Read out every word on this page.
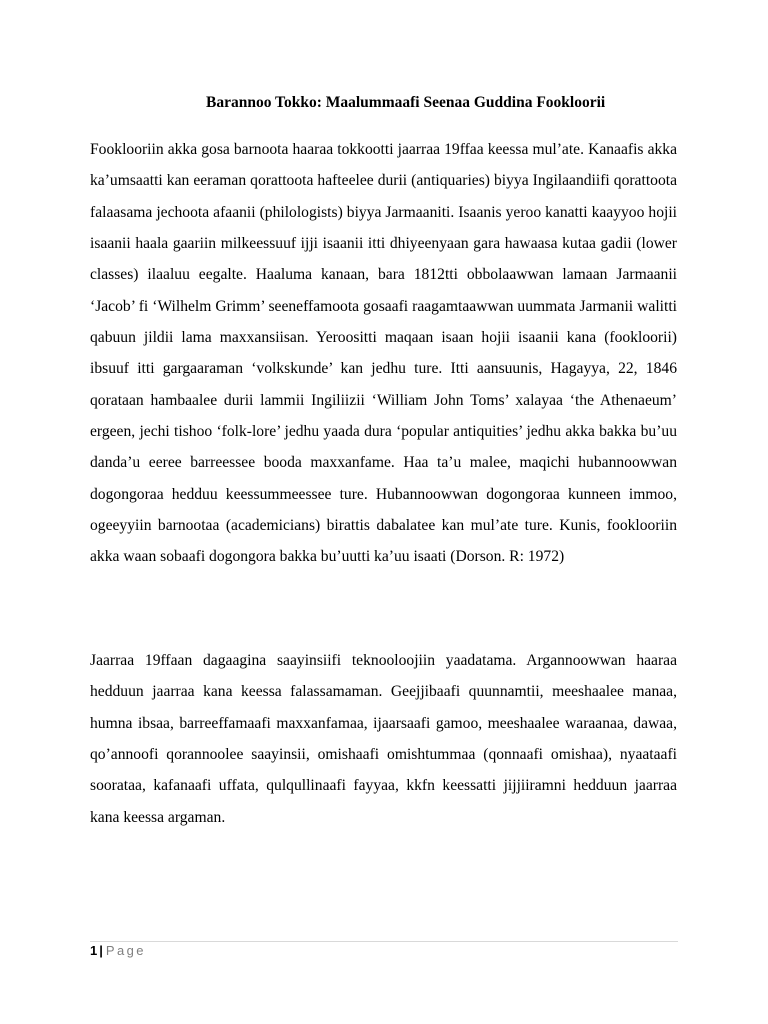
Barannoo Tokko: Maalummaafi Seenaa Guddina Fookloorii

Fooklooriin akka gosa barnoota haaraa tokkootti jaarraa 19ffaa keessa mul’ate. Kanaafis akka ka’umsaatti kan eeraman qorattoota hafteelee durii (antiquaries) biyya Ingilaandiifi qorattoota falaasama jechoota afaanii (philologists) biyya Jarmaaniti. Isaanis yeroo kanatti kaayyoo hojii isaanii haala gaariin milkeessuuf ijji isaanii itti dhiyeenyaan gara hawaasa kutaa gadii (lower classes) ilaaluu eegalte. Haaluma kanaan, bara 1812tti obbolaawwan lamaan Jarmaanii ‘Jacob’ fi ‘Wilhelm Grimm’ seeneffamoota gosaafi raagamtaawwan uummata Jarmanii walitti qabuun jildii lama maxxansiisan. Yeroositti maqaan isaan hojii isaanii kana (fookloorii) ibsuuf itti gargaaraman ‘volkskunde’ kan jedhu ture. Itti aansuunis, Hagayya, 22, 1846 qorataan hambaalee durii lammii Ingiliizii ‘William John Toms’ xalayaa ‘the Athenaeum’ ergeen, jechi tishoo ‘folk-lore’ jedhu yaada dura ‘popular antiquities’ jedhu akka bakka bu’uu danda’u eeree barreessee booda maxxanfame. Haa ta’u malee, maqichi hubannoowwan dogongoraa hedduu keessummeessee ture. Hubannoowwan dogongoraa kunneen immoo, ogeeyyiin barnootaa (academicians) birattis dabalatee kan mul’ate ture. Kunis, fooklooriin akka waan sobaafi dogongora bakka bu’uutti ka’uu isaati (Dorson. R: 1972)

Jaarraa 19ffaan dagaagina saayinsiifi teknooloojiin yaadatama. Argannoowwan haaraa hedduun jaarraa kana keessa falassamaman. Geejjibaafi quunnamtii, meeshaalee manaa, humna ibsaa, barreeffamaafi maxxanfamaa, ijaarsaafi gamoo, meeshaalee waraanaa, dawaa, qo’annoofi qorannoolee saayinsii, omishaafi omishtummaa (qonnaafi omishaa), nyaataafi soorataa, kafanaafi uffata, qulqullinaafi fayyaa, kkfn keessatti jijjiiramni hedduun jaarraa kana keessa argaman.

1 | Page
